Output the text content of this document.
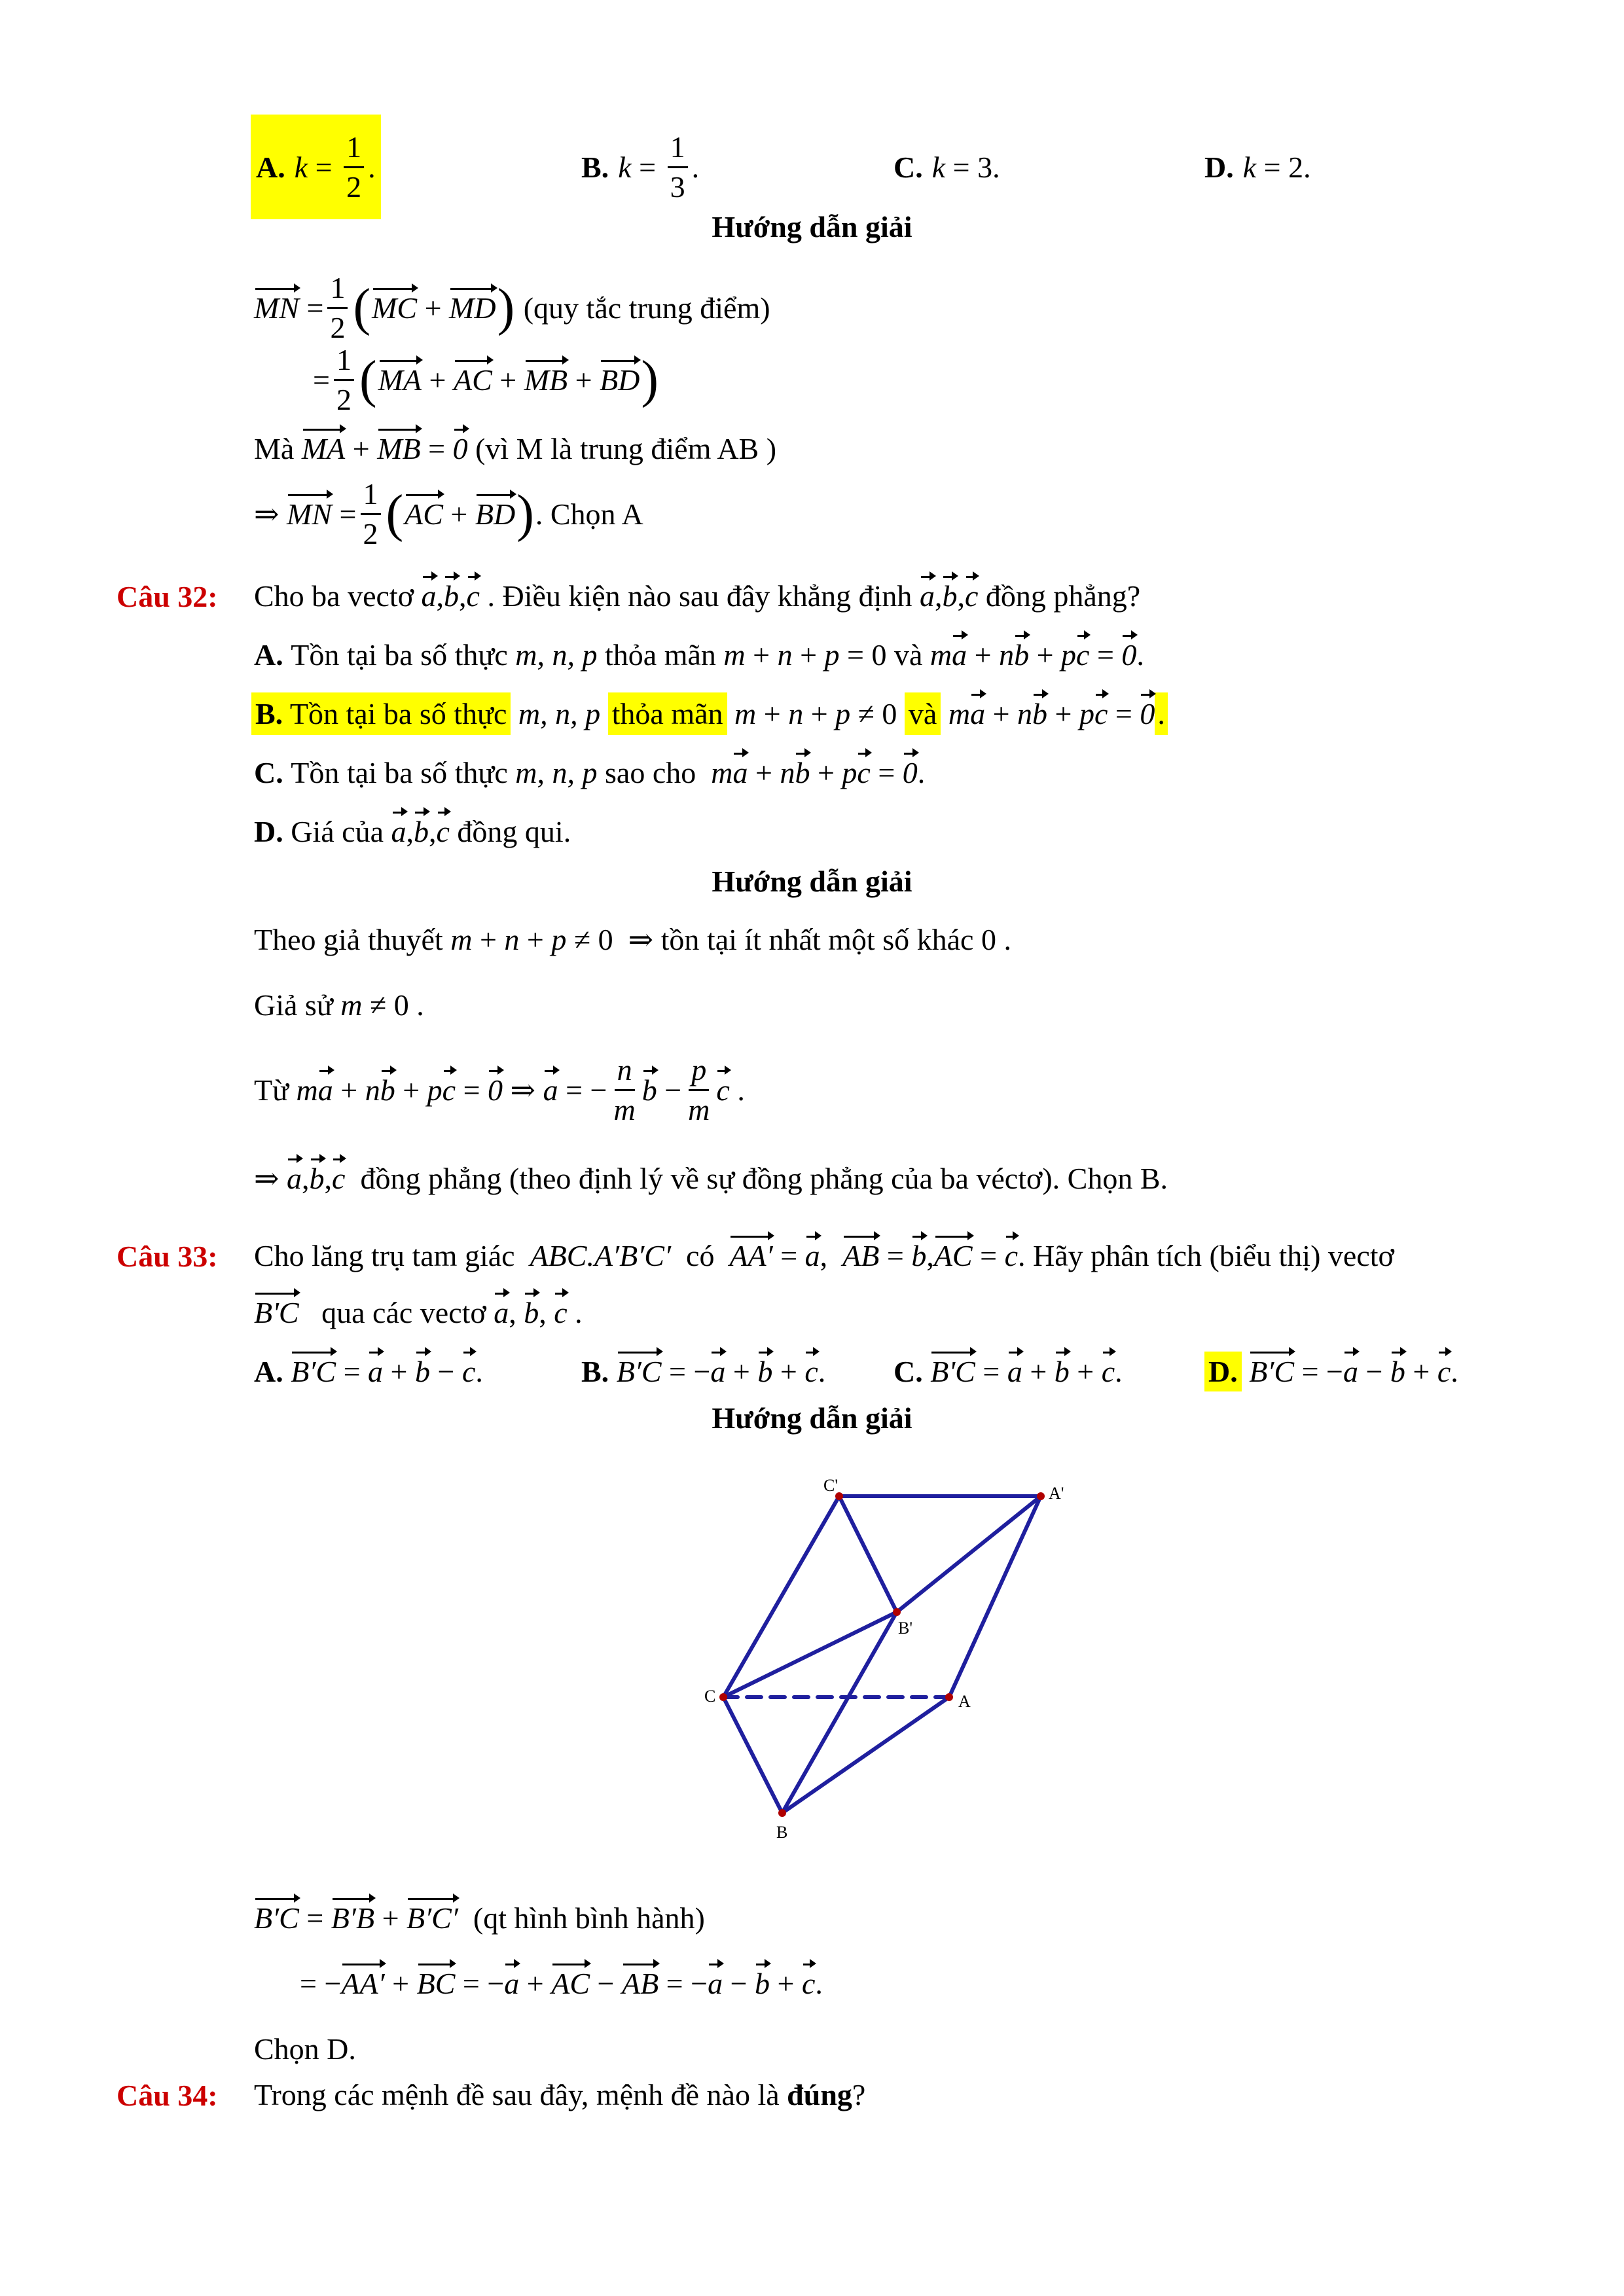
A. $k = \frac{1}{2}$ .	B. $k = \frac{1}{3}$ .	C. k = 3.	D. k = 2.
Hướng dẫn giải
MN = $\frac{1}{2}$ ( MC + MD )
(quy tắc trung điểm)
= $\frac{1}{2}$ ( MA + AC + MB + BD )
Mà
MA + MB = 0
(vì M là trung điểm AB )
⇒ MN = $\frac{1}{2}$ ( AC + BD ) . Chọn A
Câu 32: Cho ba vectơ a , b , c . Điều kiện nào sau đây khẳng định a , b , c đồng phẳng?
A. Tồn tại ba số thực m, n, p thỏa mãn m + n + p = 0 và m a + n b + p c = 0 .
B. Tồn tại ba số thực
m, n, p
thỏa mãn
m + n + p ≠ 0 và
m a + n b + p c = 0 .
C. Tồn tại ba số thực m, n, p sao cho m a + n b + p c = 0 .
D. Giá của a , b , c đồng qui.
Hướng dẫn giải
Theo giả thuyết
m + n + p ≠ 0  ⇒ tồn tại ít nhất một số khác 0 .
Giả sử
m ≠ 0 .
Từ
m a + n b + p c = 0 ⇒ a = − $\frac{n}{m}$ $b - \frac{p}{m}$ c .
⇒ a , b , c
đồng phẳng (theo định lý về sự đồng phẳng của ba véctơ). Chọn B.
Câu 33: Cho lăng trụ tam giác
ABC.A′B′C′
có
AA′ = a , AB = b , AC = c . Hãy phân tích (biểu thị) vectơ
B'C
qua các vectơ
a , b , c .
A.
B′C = a + b − c .	B.
B′C = − a + b + c . C.
B'C = a + b + c .	D.
B′C = − a − b + c .
Hướng dẫn giải
C'	A'
B'
C	A
B
B′C = B′B + B′C′
(qt hình bình hành)
= − AA′ + BC = − a + AC − AB = − a − b + c .
Chọn D.
Câu 34: Trong các mệnh đề sau đây, mệnh đề nào là
đúng ?
